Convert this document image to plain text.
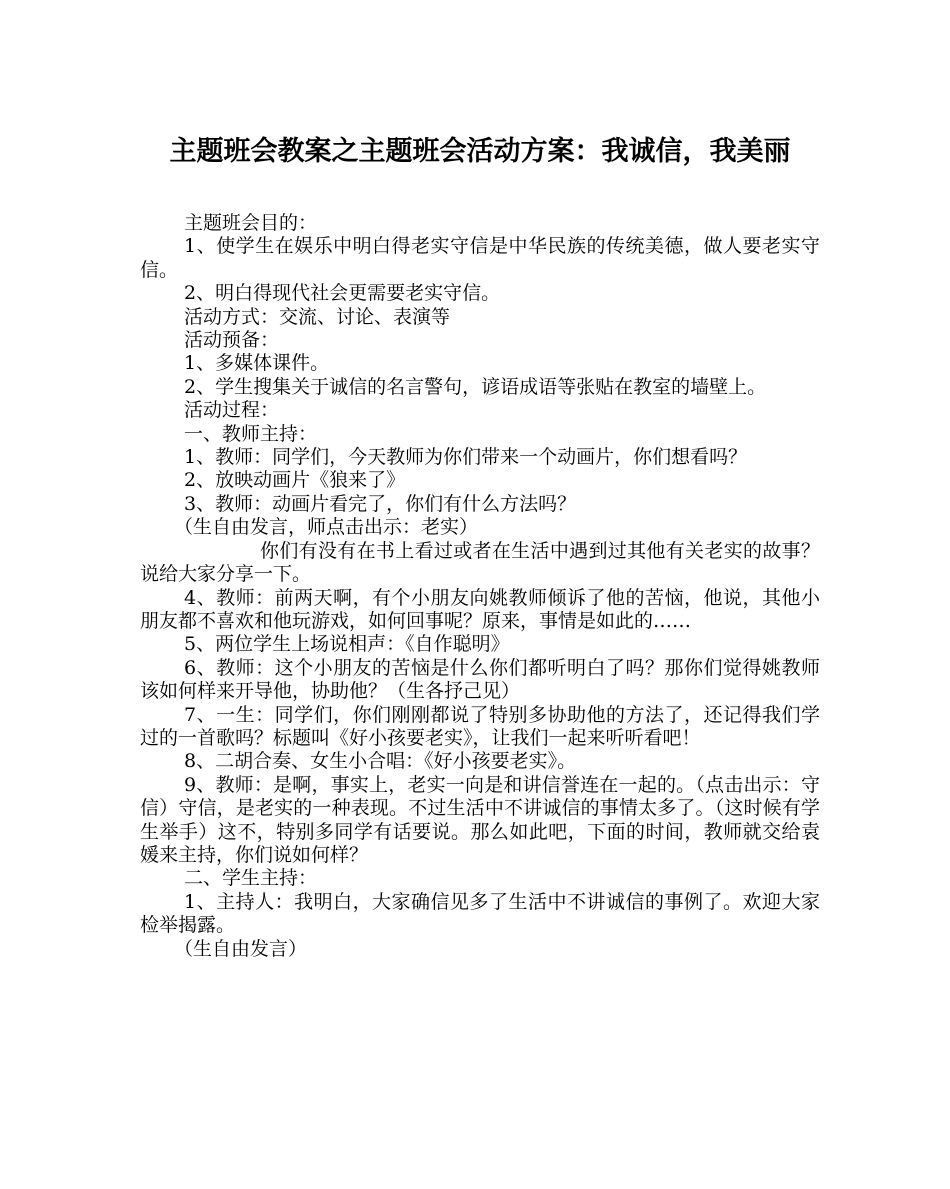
主题班会教案之主题班会活动方案：我诚信，我美丽

主题班会目的：

1、使学生在娱乐中明白得老实守信是中华民族的传统美德，做人要老实守信。

2、明白得现代社会更需要老实守信。

活动方式：交流、讨论、表演等

活动预备：

1、多媒体课件。

2、学生搜集关于诚信的名言警句，谚语成语等张贴在教室的墙壁上。

活动过程：

一、教师主持：

1、教师：同学们，今天教师为你们带来一个动画片，你们想看吗？

2、放映动画片《狼来了》

3、教师：动画片看完了，你们有什么方法吗？

（生自由发言，师点击出示：老实）

你们有没有在书上看过或者在生活中遇到过其他有关老实的故事？说给大家分享一下。

4、教师：前两天啊，有个小朋友向姚教师倾诉了他的苦恼，他说，其他小朋友都不喜欢和他玩游戏，如何回事呢？原来，事情是如此的……

5、两位学生上场说相声：《自作聪明》

6、教师：这个小朋友的苦恼是什么你们都听明白了吗？那你们觉得姚教师该如何样来开导他，协助他？（生各抒己见）

7、一生：同学们，你们刚刚都说了特别多协助他的方法了，还记得我们学过的一首歌吗？标题叫《好小孩要老实》，让我们一起来听听看吧！

8、二胡合奏、女生小合唱：《好小孩要老实》。

9、教师：是啊，事实上，老实一向是和讲信誉连在一起的。（点击出示：守信）守信，是老实的一种表现。不过生活中不讲诚信的事情太多了。（这时候有学生举手）这不，特别多同学有话要说。那么如此吧，下面的时间，教师就交给袁媛来主持，你们说如何样？

二、学生主持：

1、主持人：我明白，大家确信见多了生活中不讲诚信的事例了。欢迎大家检举揭露。

（生自由发言）
